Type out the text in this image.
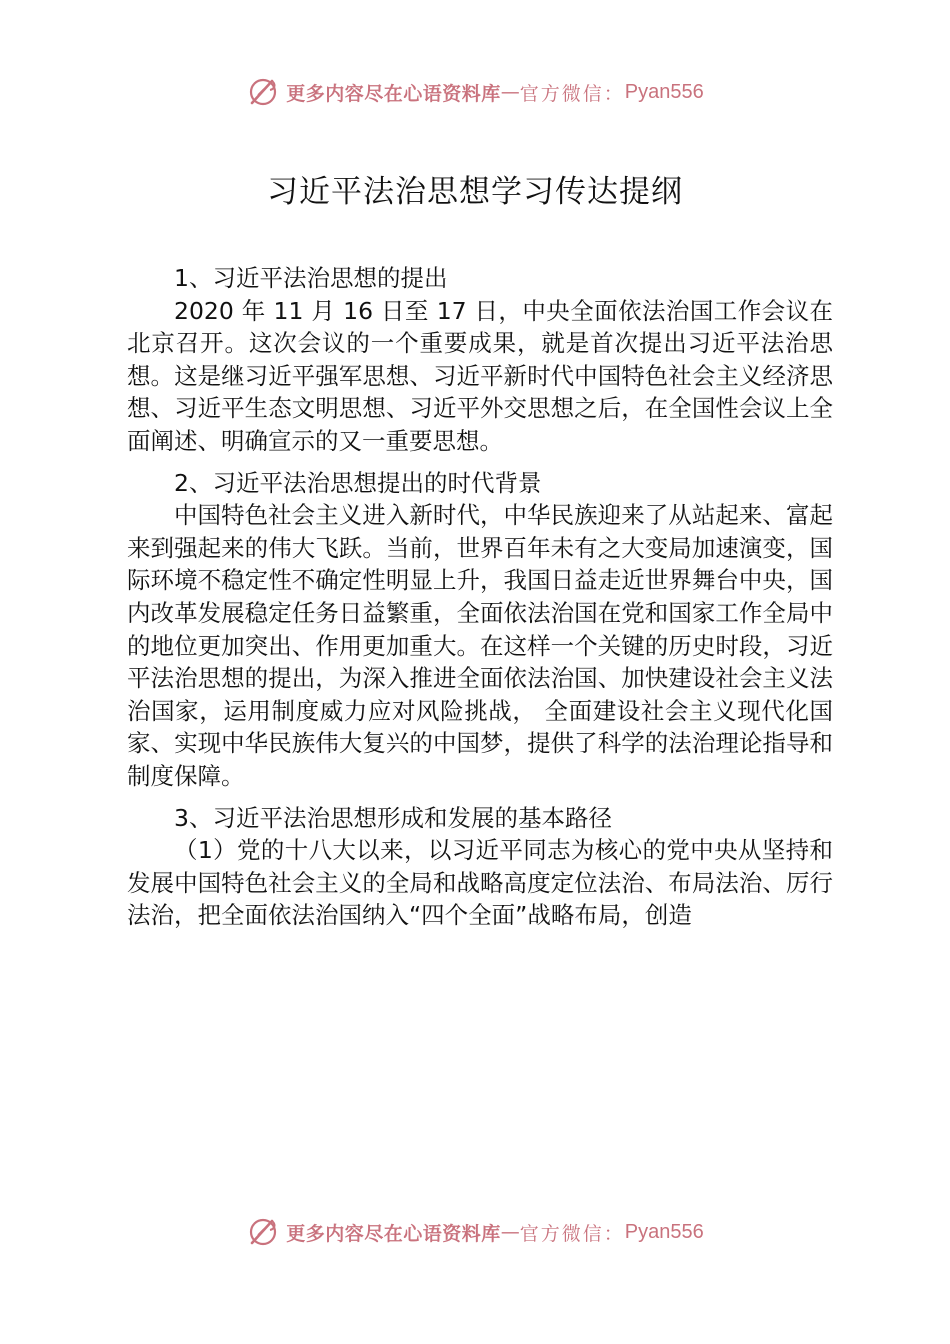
更多内容尽在心语资料库 — 官方微信： Pyan556
习近平法治思想学习传达提纲

1、习近平法治思想的提出

2020 年 11 月 16 日至 17 日，中央全面依法治国工作会议在北京召开。这次会议的一个重要成果，就是首次提出习近平法治思想。这是继习近平强军思想、习近平新时代中国特色社会主义经济思想、习近平生态文明思想、习近平外交思想之后，在全国性会议上全面阐述、明确宣示的又一重要思想。

2、习近平法治思想提出的时代背景

中国特色社会主义进入新时代，中华民族迎来了从站起来、富起来到强起来的伟大飞跃。当前，世界百年未有之大变局加速演变，国际环境不稳定性不确定性明显上升，我国日益走近世界舞台中央，国内改革发展稳定任务日益繁重，全面依法治国在党和国家工作全局中的地位更加突出、作用更加重大。在这样一个关键的历史时段，习近平法治思想的提出，为深入推进全面依法治国、加快建设社会主义法治国家，运用制度威力应对风险挑战， 全面建设社会主义现代化国家、实现中华民族伟大复兴的中国梦，提供了科学的法治理论指导和制度保障。

3、习近平法治思想形成和发展的基本路径

（1）党的十八大以来，以习近平同志为核心的党中央从坚持和发展中国特色社会主义的全局和战略高度定位法治、布局法治、厉行法治，把全面依法治国纳入“四个全面”战略布局，创造

更多内容尽在心语资料库 — 官方微信： Pyan556
